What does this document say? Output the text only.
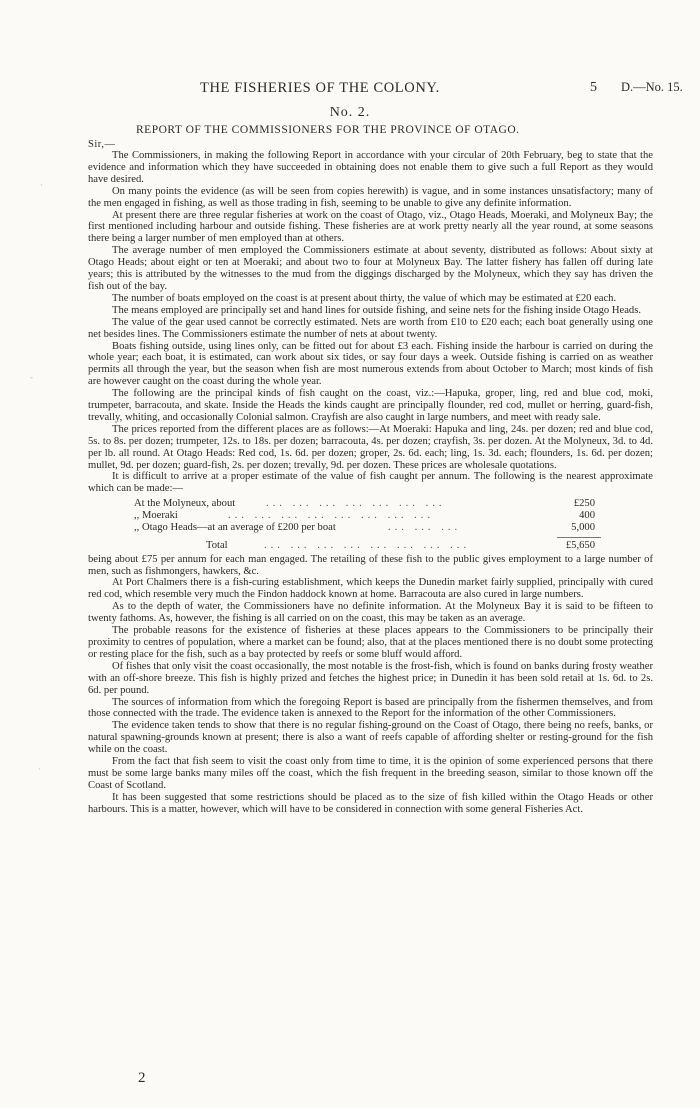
THE FISHERIES OF THE COLONY.	5 D.—No. 15.
No. 2.
REPORT OF THE COMMISSIONERS FOR THE PROVINCE OF OTAGO.
Sir,—

The Commissioners, in making the following Report in accordance with your circular of 20th February, beg to state that the evidence and information which they have succeeded in obtaining does not enable them to give such a full Report as they would have desired.

On many points the evidence (as will be seen from copies herewith) is vague, and in some instances unsatisfactory; many of the men engaged in fishing, as well as those trading in fish, seeming to be unable to give any definite information.

At present there are three regular fisheries at work on the coast of Otago, viz., Otago Heads, Moeraki, and Molyneux Bay; the first mentioned including harbour and outside fishing. These fisheries are at work pretty nearly all the year round, at some seasons there being a larger number of men employed than at others.

The average number of men employed the Commissioners estimate at about seventy, distributed as follows: About sixty at Otago Heads; about eight or ten at Moeraki; and about two to four at Molyneux Bay. The latter fishery has fallen off during late years; this is attributed by the witnesses to the mud from the diggings discharged by the Molyneux, which they say has driven the fish out of the bay.

The number of boats employed on the coast is at present about thirty, the value of which may be estimated at £20 each.

The means employed are principally set and hand lines for outside fishing, and seine nets for the fishing inside Otago Heads.

The value of the gear used cannot be correctly estimated. Nets are worth from £10 to £20 each; each boat generally using one net besides lines. The Commissioners estimate the number of nets at about twenty.

Boats fishing outside, using lines only, can be fitted out for about £3 each. Fishing inside the harbour is carried on during the whole year; each boat, it is estimated, can work about six tides, or say four days a week. Outside fishing is carried on as weather permits all through the year, but the season when fish are most numerous extends from about October to March; most kinds of fish are however caught on the coast during the whole year.

The following are the principal kinds of fish caught on the coast, viz.:—Hapuka, groper, ling, red and blue cod, moki, trumpeter, barracouta, and skate. Inside the Heads the kinds caught are principally flounder, red cod, mullet or herring, guard-fish, trevally, whiting, and occasionally Colonial salmon. Crayfish are also caught in large numbers, and meet with ready sale.

The prices reported from the different places are as follows:—At Moeraki: Hapuka and ling, 24s. per dozen; red and blue cod, 5s. to 8s. per dozen; trumpeter, 12s. to 18s. per dozen; barracouta, 4s. per dozen; crayfish, 3s. per dozen. At the Molyneux, 3d. to 4d. per lb. all round. At Otago Heads: Red cod, 1s. 6d. per dozen; groper, 2s. 6d. each; ling, 1s. 3d. each; flounders, 1s. 6d. per dozen; mullet, 9d. per dozen; guard-fish, 2s. per dozen; trevally, 9d. per dozen. These prices are wholesale quotations.

It is difficult to arrive at a proper estimate of the value of fish caught per annum. The following is the nearest approximate which can be made:—

At the Molyneux, about	... ... ... ... ... ... ...	£250
,, Moeraki	... ... ... ... ... ... ... ...	400
,, Otago Heads—at an average of £200 per boat	... ... ...	5,000
Total	... ... ... ... ... ... ... ...	£5,650

being about £75 per annum for each man engaged. The retailing of these fish to the public gives employment to a large number of men, such as fishmongers, hawkers, &c.

At Port Chalmers there is a fish-curing establishment, which keeps the Dunedin market fairly supplied, principally with cured red cod, which resemble very much the Findon haddock known at home. Barracouta are also cured in large numbers.

As to the depth of water, the Commissioners have no definite information. At the Molyneux Bay it is said to be fifteen to twenty fathoms. As, however, the fishing is all carried on on the coast, this may be taken as an average.

The probable reasons for the existence of fisheries at these places appears to the Commissioners to be principally their proximity to centres of population, where a market can be found; also, that at the places mentioned there is no doubt some protecting or resting place for the fish, such as a bay protected by reefs or some bluff would afford.

Of fishes that only visit the coast occasionally, the most notable is the frost-fish, which is found on banks during frosty weather with an off-shore breeze. This fish is highly prized and fetches the highest price; in Dunedin it has been sold retail at 1s. 6d. to 2s. 6d. per pound.

The sources of information from which the foregoing Report is based are principally from the fishermen themselves, and from those connected with the trade. The evidence taken is annexed to the Report for the information of the other Commissioners.

The evidence taken tends to show that there is no regular fishing-ground on the Coast of Otago, there being no reefs, banks, or natural spawning-grounds known at present; there is also a want of reefs capable of affording shelter or resting-ground for the fish while on the coast.

From the fact that fish seem to visit the coast only from time to time, it is the opinion of some experienced persons that there must be some large banks many miles off the coast, which the fish frequent in the breeding season, similar to those known off the Coast of Scotland.

It has been suggested that some restrictions should be placed as to the size of fish killed within the Otago Heads or other harbours. This is a matter, however, which will have to be considered in connection with some general Fisheries Act.

2
·
-
·
